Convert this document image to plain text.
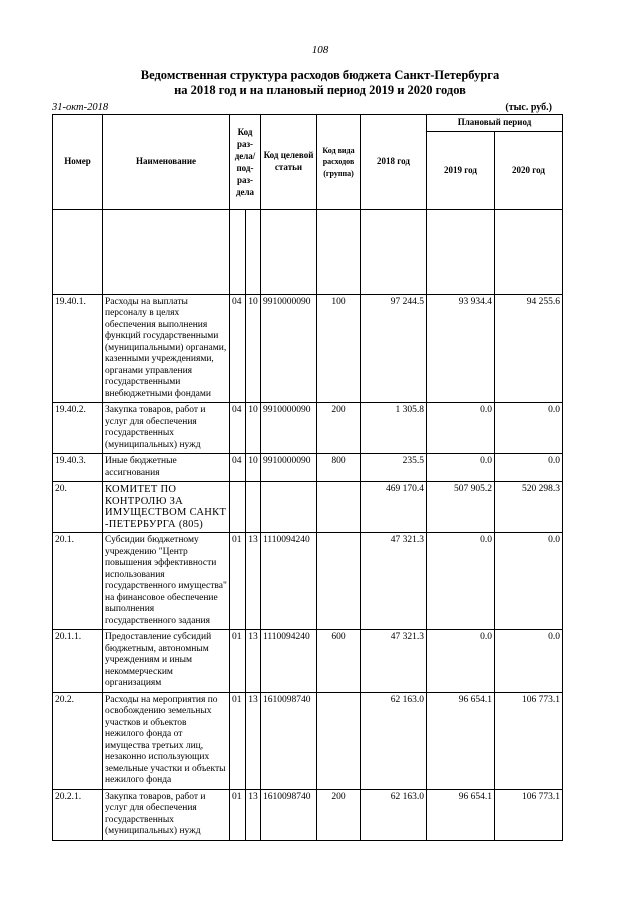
108
Ведомственная структура расходов бюджета Санкт-Петербурга
на 2018 год и на плановый период 2019 и 2020 годов
31-окт-2018	(тыс. руб.)
Номер	Наименование	Код раз- дела/ под- раз- дела		Код целевой статьи	Код вида расходов (группа)	2018 год	Плановый период	
							2019 год	2020 год

19.40.1.	Расходы на выплаты персоналу в целях обеспечения выполнения функций государственными (муниципальными) органами, казенными учреждениями, органами управления государственными внебюджетными фондами	04	10	9910000090	100	97 244.5	93 934.4	94 255.6
19.40.2.	Закупка товаров, работ и услуг для обеспечения государственных (муниципальных) нужд	04	10	9910000090	200	1 305.8	0.0	0.0
19.40.3.	Иные бюджетные ассигнования	04	10	9910000090	800	235.5	0.0	0.0
20.	КОМИТЕТ ПО КОНТРОЛЮ ЗА ИМУЩЕСТВОМ САНКТ -ПЕТЕРБУРГА (805)					469 170.4	507 905.2	520 298.3
20.1.	Субсидии бюджетному учреждению "Центр повышения эффективности использования государственного имущества" на финансовое обеспечение выполнения государственного задания	01	13	1110094240		47 321.3	0.0	0.0
20.1.1.	Предоставление субсидий бюджетным, автономным учреждениям и иным некоммерческим организациям	01	13	1110094240	600	47 321.3	0.0	0.0
20.2.	Расходы на мероприятия по освобождению земельных участков и объектов нежилого фонда от имущества третьих лиц, незаконно использующих земельные участки и объекты нежилого фонда	01	13	1610098740		62 163.0	96 654.1	106 773.1
20.2.1.	Закупка товаров, работ и услуг для обеспечения государственных (муниципальных) нужд	01	13	1610098740	200	62 163.0	96 654.1	106 773.1
